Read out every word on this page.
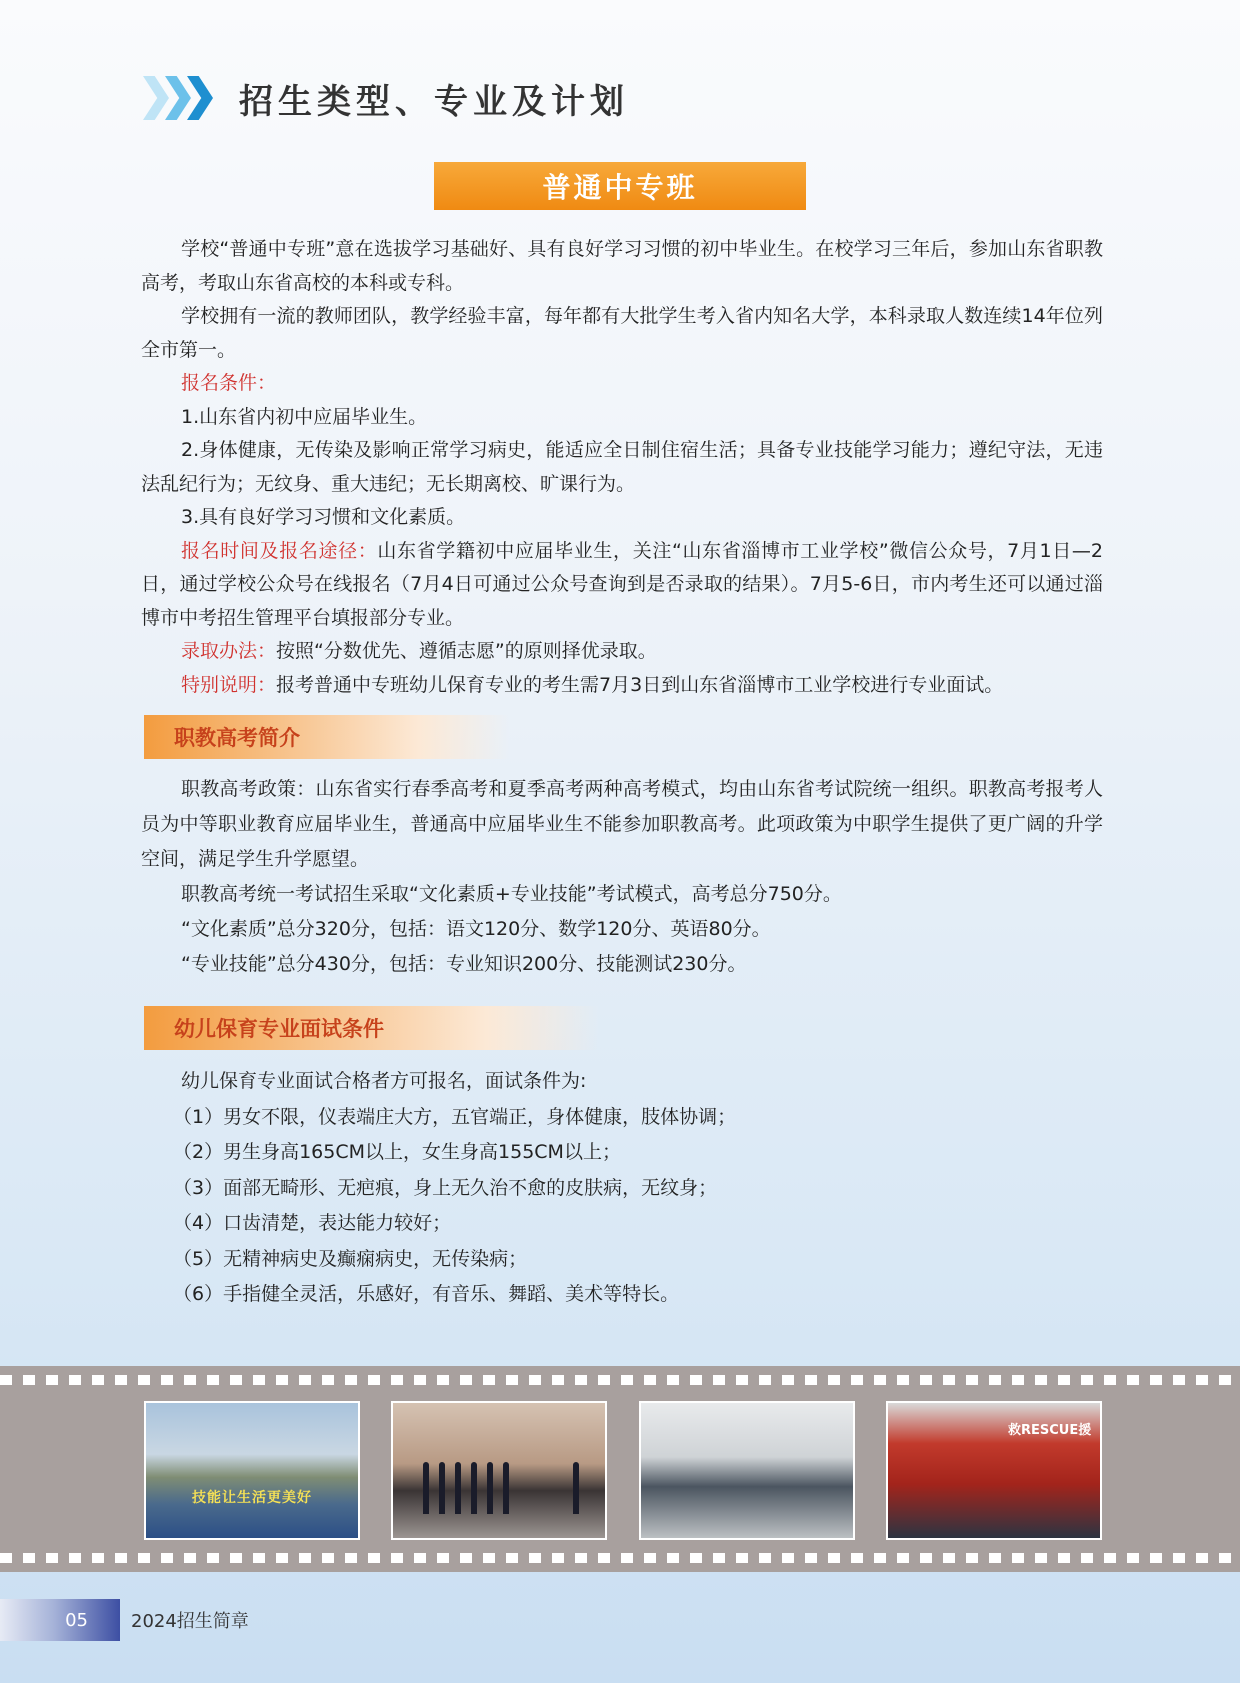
招生类型、专业及计划
普通中专班

学校“普通中专班”意在选拔学习基础好、具有良好学习习惯的初中毕业生。在校学习三年后，参加山东省职教高考，考取山东省高校的本科或专科。

学校拥有一流的教师团队，教学经验丰富，每年都有大批学生考入省内知名大学，本科录取人数连续14年位列全市第一。

报名条件：

1.山东省内初中应届毕业生。

2.身体健康，无传染及影响正常学习病史，能适应全日制住宿生活；具备专业技能学习能力；遵纪守法，无违法乱纪行为；无纹身、重大违纪；无长期离校、旷课行为。

3.具有良好学习习惯和文化素质。

报名时间及报名途径：山东省学籍初中应届毕业生，关注“山东省淄博市工业学校”微信公众号，7月1日—2日，通过学校公众号在线报名（7月4日可通过公众号查询到是否录取的结果）。7月5-6日，市内考生还可以通过淄博市中考招生管理平台填报部分专业。

录取办法：按照“分数优先、遵循志愿”的原则择优录取。

特别说明：报考普通中专班幼儿保育专业的考生需7月3日到山东省淄博市工业学校进行专业面试。

职教高考简介

职教高考政策：山东省实行春季高考和夏季高考两种高考模式，均由山东省考试院统一组织。职教高考报考人员为中等职业教育应届毕业生，普通高中应届毕业生不能参加职教高考。此项政策为中职学生提供了更广阔的升学空间，满足学生升学愿望。

职教高考统一考试招生采取“文化素质+专业技能”考试模式，高考总分750分。

“文化素质”总分320分，包括：语文120分、数学120分、英语80分。

“专业技能”总分430分，包括：专业知识200分、技能测试230分。

幼儿保育专业面试条件

幼儿保育专业面试合格者方可报名，面试条件为:

（1）男女不限，仪表端庄大方，五官端正，身体健康，肢体协调；

（2）男生身高165CM以上，女生身高155CM以上；

（3）面部无畸形、无疤痕，身上无久治不愈的皮肤病，无纹身；

（4）口齿清楚，表达能力较好；

（5）无精神病史及癫痫病史，无传染病；

（6）手指健全灵活，乐感好，有音乐、舞蹈、美术等特长。

技能让生活更美好
救RESCUE援
05	2024招生简章
